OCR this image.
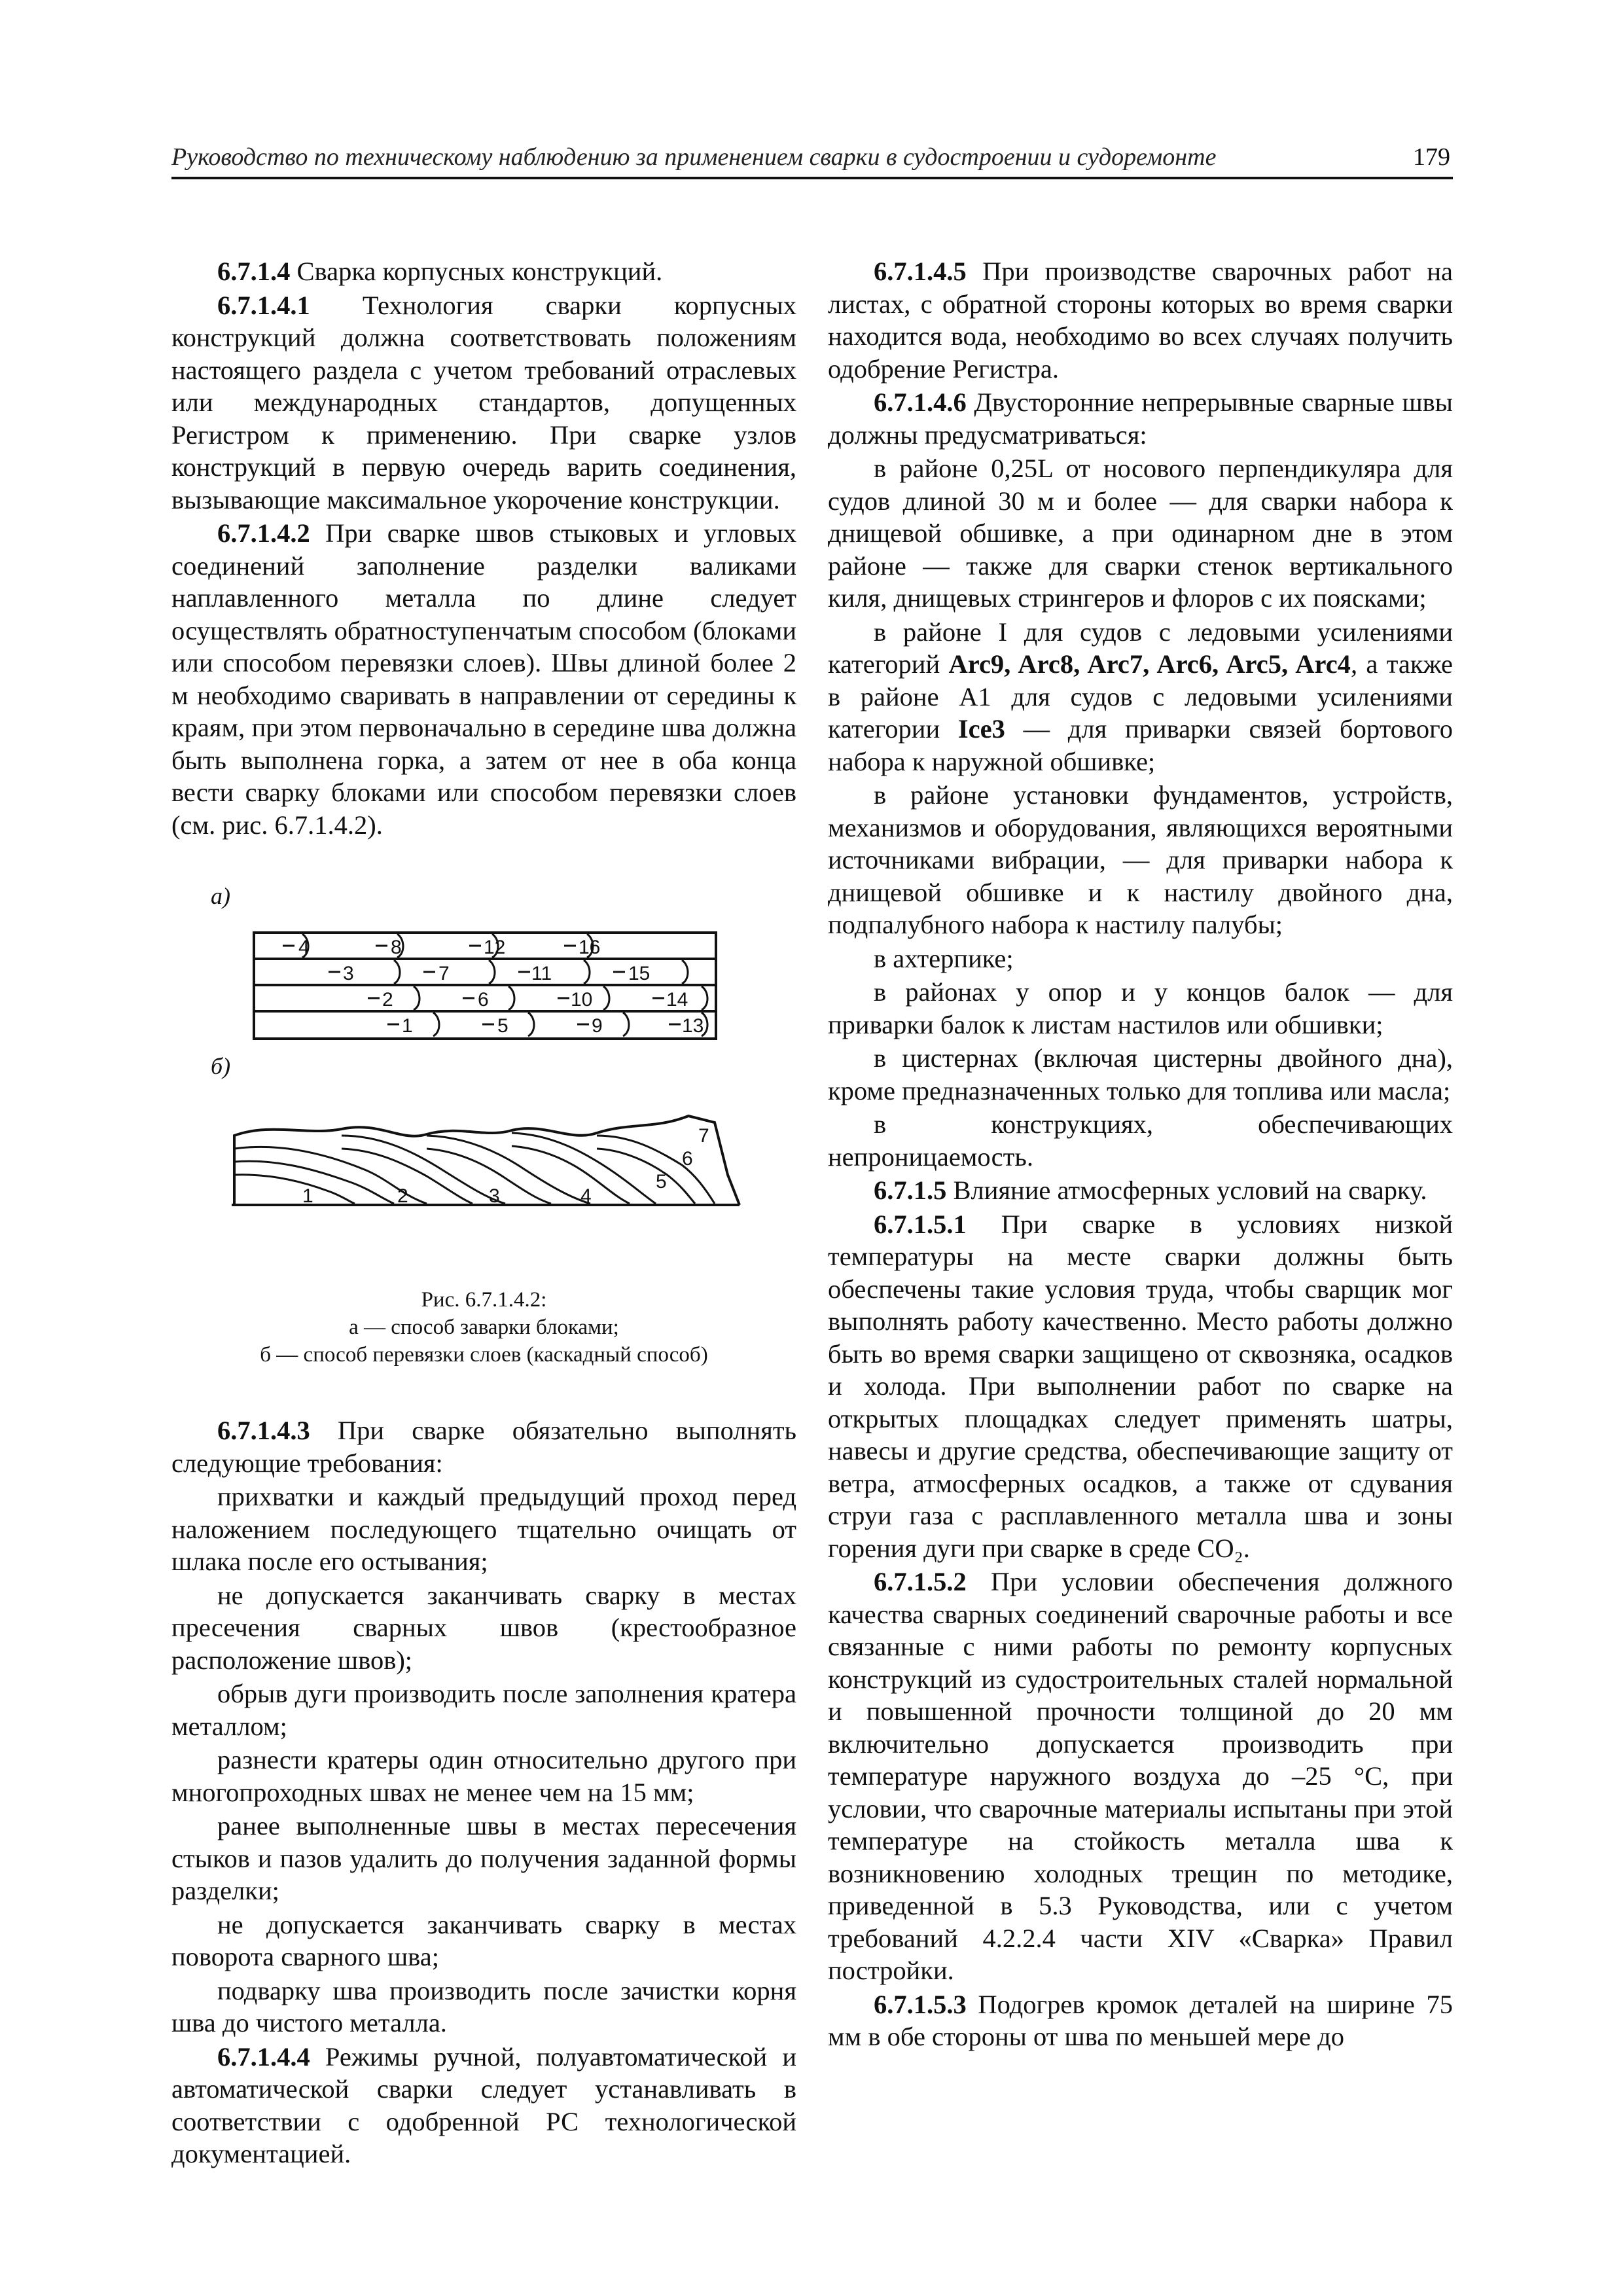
Руководство по техническому наблюдению за применением сварки в судостроении и судоремонте	179

6.7.1.4 Сварка корпусных конструкций.

6.7.1.4.1 Технология сварки корпусных конструкций должна соответствовать положениям настоящего раздела с учетом требований отраслевых или международных стандартов, допущенных Регистром к применению. При сварке узлов конструкций в первую очередь варить соединения, вызывающие максимальное укорочение конструкции.

6.7.1.4.2 При сварке швов стыковых и угловых соединений заполнение разделки валиками наплавленного металла по длине следует осуществлять обратноступенчатым способом (блоками или способом перевязки слоев). Швы длиной более 2 м необходимо сваривать в направлении от середины к краям, при этом первоначально в середине шва должна быть выполнена горка, а затем от нее в оба конца вести сварку блоками или способом перевязки слоев (см. рис. 6.7.1.4.2).

а)
4	8	12	16
3	7	11	15
2	6	10	14
1	5	9	13
б)
1	2	3	4
5
6
7
Рис. 6.7.1.4.2:
а — способ заварки блоками;
б — способ перевязки слоев (каскадный способ)

6.7.1.4.3 При сварке обязательно выполнять следующие требования:

прихватки и каждый предыдущий проход перед наложением последующего тщательно очищать от шлака после его остывания;

не допускается заканчивать сварку в местах пресечения сварных швов (крестообразное расположение швов);

обрыв дуги производить после заполнения кратера металлом;

разнести кратеры один относительно другого при многопроходных швах не менее чем на 15 мм;

ранее выполненные швы в местах пересечения стыков и пазов удалить до получения заданной формы разделки;

не допускается заканчивать сварку в местах поворота сварного шва;

подварку шва производить после зачистки корня шва до чистого металла.

6.7.1.4.4 Режимы ручной, полуавтоматической и автоматической сварки следует устанавливать в соответствии с одобренной РС технологической документацией.

6.7.1.4.5 При производстве сварочных работ на листах, с обратной стороны которых во время сварки находится вода, необходимо во всех случаях получить одобрение Регистра.

6.7.1.4.6 Двусторонние непрерывные сварные швы должны предусматриваться:

в районе 0,25L от носового перпендикуляра для судов длиной 30 м и более — для сварки набора к днищевой обшивке, а при одинарном дне в этом районе — также для сварки стенок вертикального киля, днищевых стрингеров и флоров с их поясками;

в районе I для судов с ледовыми усилениями категорий Arc9, Arc8, Arc7, Arc6, Arc5, Arc4, а также в районе A1 для судов с ледовыми усилениями категории Ice3 — для приварки связей бортового набора к наружной обшивке;

в районе установки фундаментов, устройств, механизмов и оборудования, являющихся вероятными источниками вибрации, — для приварки набора к днищевой обшивке и к настилу двойного дна, подпалубного набора к настилу палубы;

в ахтерпике;

в районах у опор и у концов балок — для приварки балок к листам настилов или обшивки;

в цистернах (включая цистерны двойного дна), кроме предназначенных только для топлива или масла;

в конструкциях, обеспечивающих непроницаемость.

6.7.1.5 Влияние атмосферных условий на сварку.

6.7.1.5.1 При сварке в условиях низкой температуры на месте сварки должны быть обеспечены такие условия труда, чтобы сварщик мог выполнять работу качественно. Место работы должно быть во время сварки защищено от сквозняка, осадков и холода. При выполнении работ по сварке на открытых площадках следует применять шатры, навесы и другие средства, обеспечивающие защиту от ветра, атмосферных осадков, а также от сдувания струи газа с расплавленного металла шва и зоны горения дуги при сварке в среде CO₂.

6.7.1.5.2 При условии обеспечения должного качества сварных соединений сварочные работы и все связанные с ними работы по ремонту корпусных конструкций из судостроительных сталей нормальной и повышенной прочности толщиной до 20 мм включительно допускается производить при температуре наружного воздуха до –25 °C, при условии, что сварочные материалы испытаны при этой температуре на стойкость металла шва к возникновению холодных трещин по методике, приведенной в 5.3 Руководства, или с учетом требований 4.2.2.4 части XIV «Сварка» Правил постройки.

6.7.1.5.3 Подогрев кромок деталей на ширине 75 мм в обе стороны от шва по меньшей мере до
